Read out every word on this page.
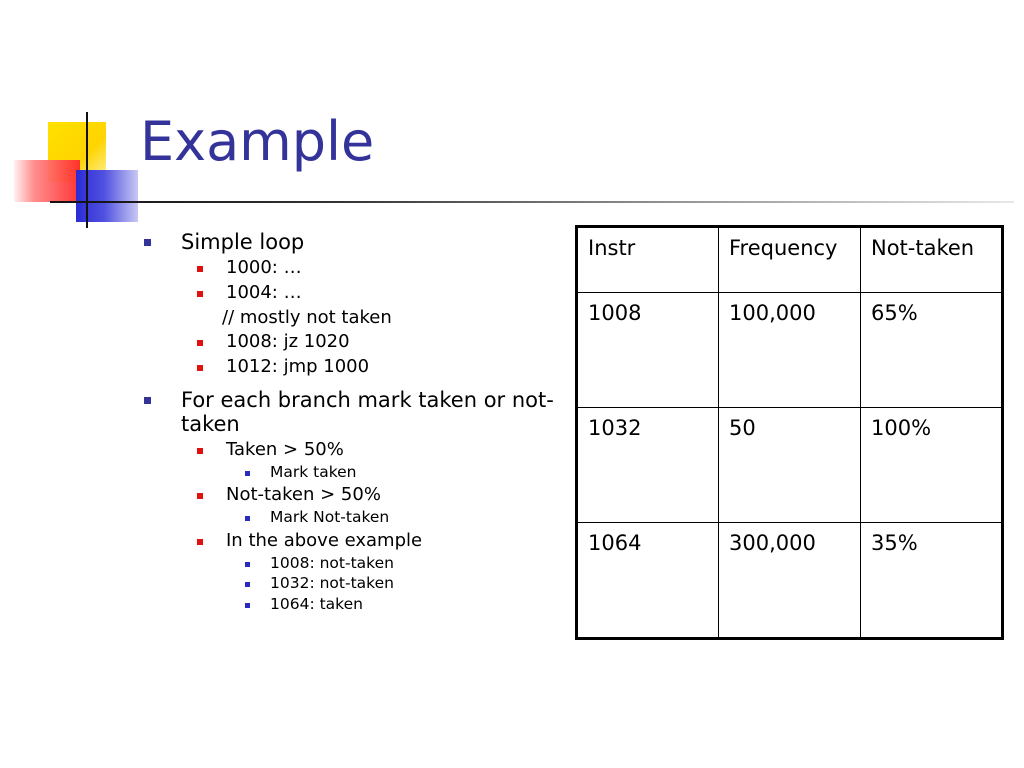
Example
Simple loop
1000: …
1004: …
// mostly not taken
1008: jz 1020
1012: jmp 1000
For each branch mark taken or not-taken
Taken > 50%
Mark taken
Not-taken > 50%
Mark Not-taken
In the above example
1008: not-taken
1032: not-taken
1064: taken
Instr	Frequency	Not-taken
1008	100,000	65%
1032	50	100%
1064	300,000	35%
